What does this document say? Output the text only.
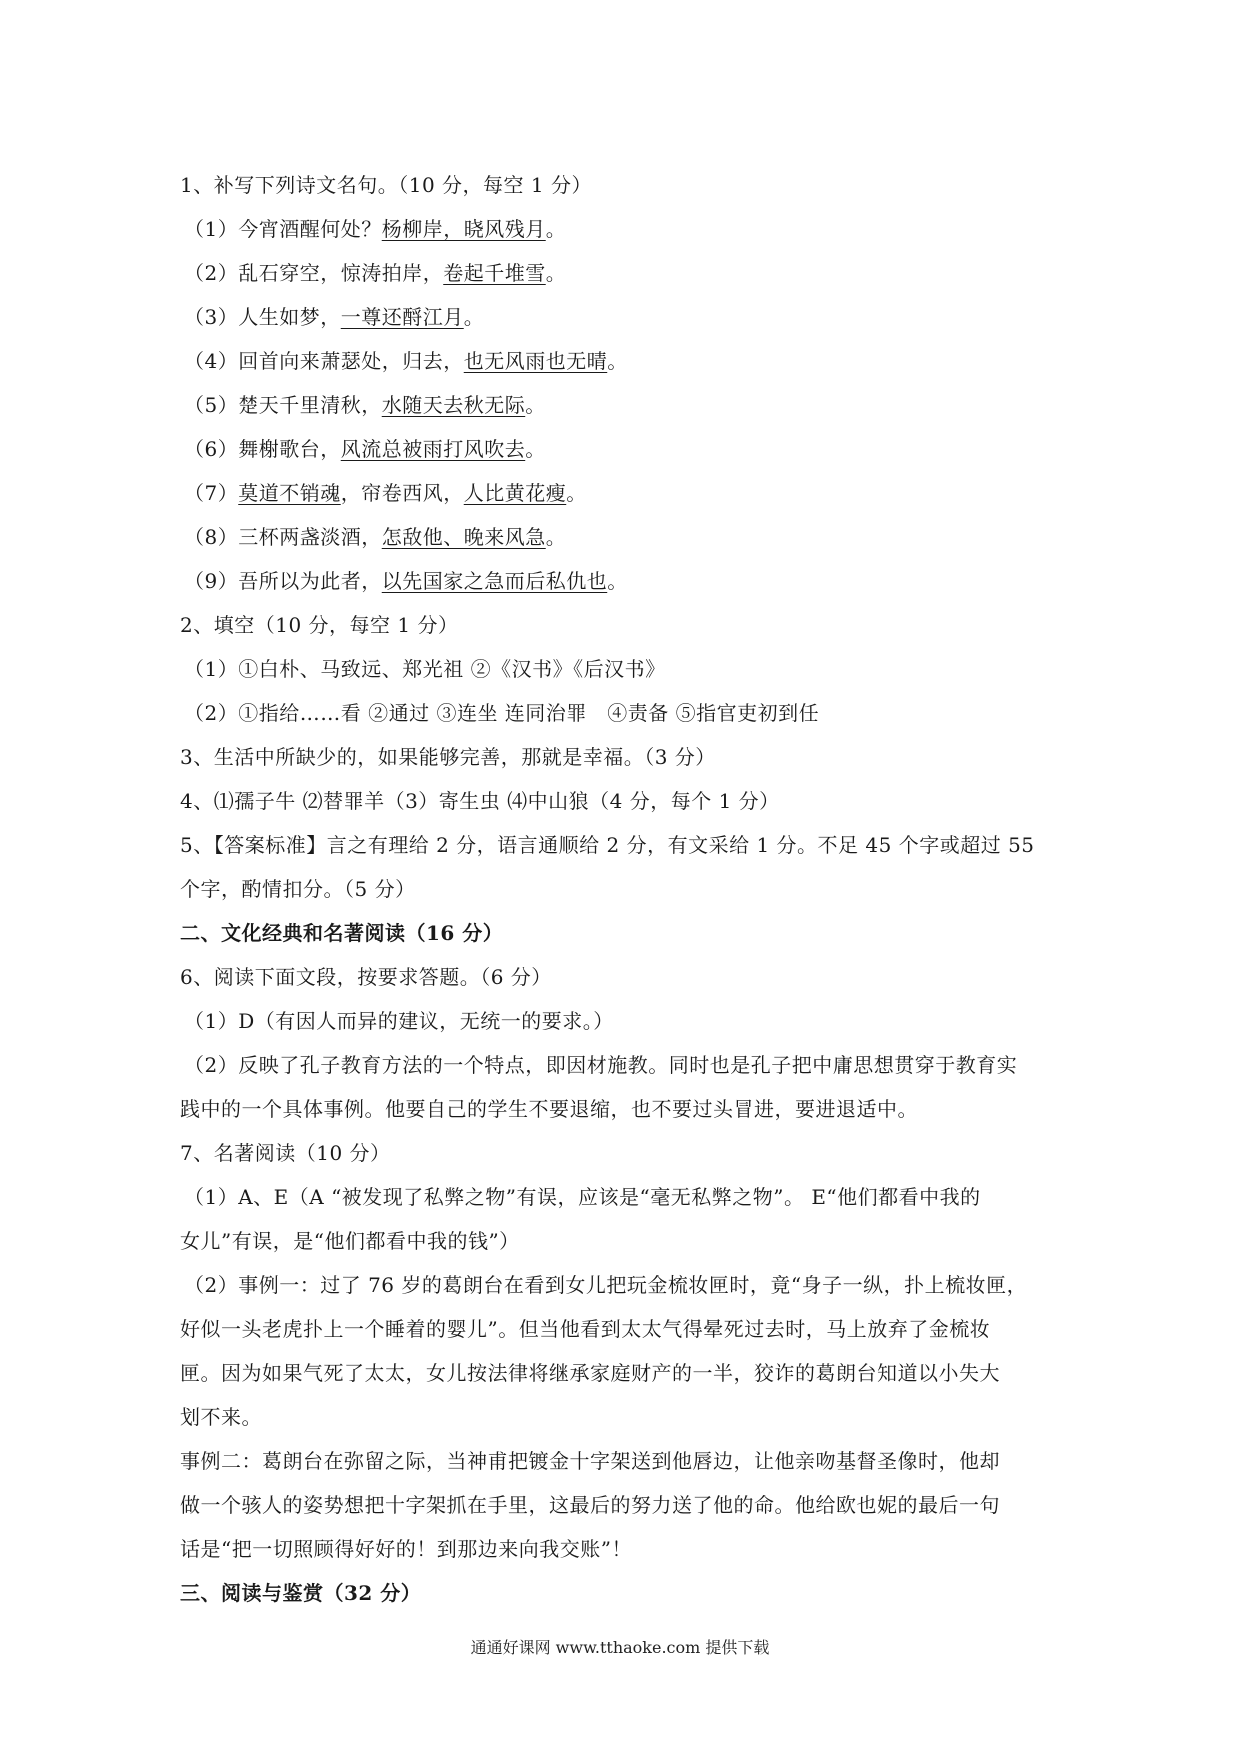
1、补写下列诗文名句。（10 分，每空 1 分）
（1）今宵酒醒何处？杨柳岸，晓风残月。
（2）乱石穿空，惊涛拍岸，卷起千堆雪。
（3）人生如梦，一尊还酹江月。
（4）回首向来萧瑟处，归去，也无风雨也无晴。
（5）楚天千里清秋，水随天去秋无际。
（6）舞榭歌台，风流总被雨打风吹去。
（7）莫道不销魂，帘卷西风，人比黄花瘦。
（8）三杯两盏淡酒，怎敌他、晚来风急。
（9）吾所以为此者，以先国家之急而后私仇也。
2、填空（10 分，每空 1 分）
（1）①白朴、马致远、郑光祖 ②《汉书》《后汉书》
（2）①指给……看 ②通过 ③连坐 连同治罪　④责备 ⑤指官吏初到任
3、生活中所缺少的，如果能够完善，那就是幸福。（3 分）
4、⑴孺子牛 ⑵替罪羊（3）寄生虫 ⑷中山狼（4 分，每个 1 分）
5、【答案标准】言之有理给 2 分，语言通顺给 2 分，有文采给 1 分。不足 45 个字或超过 55
个字，酌情扣分。（5 分）
二、文化经典和名著阅读（16 分）
6、阅读下面文段，按要求答题。（6 分）
（1）D（有因人而异的建议，无统一的要求。）
（2）反映了孔子教育方法的一个特点，即因材施教。同时也是孔子把中庸思想贯穿于教育实
践中的一个具体事例。他要自己的学生不要退缩，也不要过头冒进，要进退适中。
7、名著阅读（10 分）
（1）A、E（A “被发现了私弊之物”有误，应该是“毫无私弊之物”。 E“他们都看中我的
女儿”有误，是“他们都看中我的钱”）
（2）事例一：过了 76 岁的葛朗台在看到女儿把玩金梳妆匣时，竟“身子一纵，扑上梳妆匣，
好似一头老虎扑上一个睡着的婴儿”。但当他看到太太气得晕死过去时，马上放弃了金梳妆
匣。因为如果气死了太太，女儿按法律将继承家庭财产的一半，狡诈的葛朗台知道以小失大
划不来。
事例二：葛朗台在弥留之际，当神甫把镀金十字架送到他唇边，让他亲吻基督圣像时，他却
做一个骇人的姿势想把十字架抓在手里，这最后的努力送了他的命。他给欧也妮的最后一句
话是“把一切照顾得好好的！到那边来向我交账”！
三、阅读与鉴赏（32 分）
通通好课网 www.tthaoke.com 提供下载
